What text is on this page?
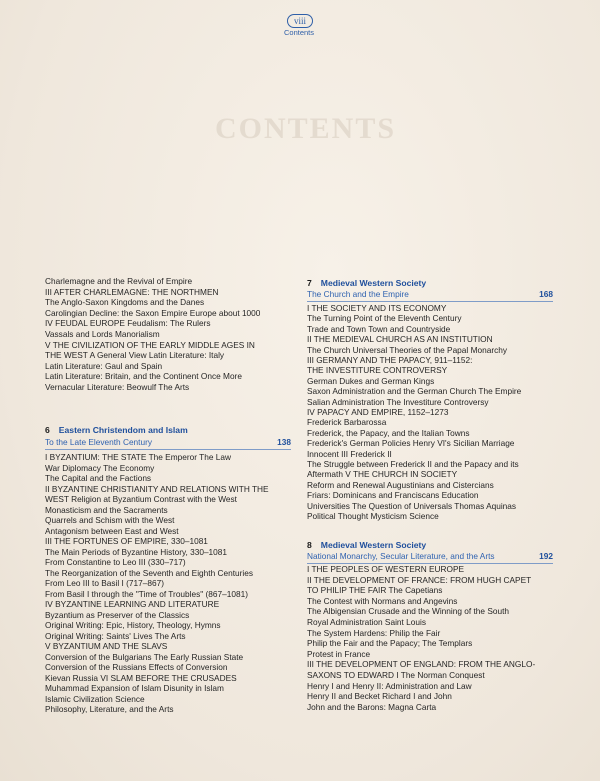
CONTENTS
viii
Contents
Charlemagne and the Revival of Empire
III AFTER CHARLEMAGNE: THE NORTHMEN
The Anglo-Saxon Kingdoms and the Danes
Carolingian Decline: the Saxon Empire Europe about 1000
IV FEUDAL EUROPE Feudalism: The Rulers
Vassals and Lords Manorialism
V THE CIVILIZATION OF THE EARLY MIDDLE AGES IN
THE WEST A General View Latin Literature: Italy
Latin Literature: Gaul and Spain
Latin Literature: Britain, and the Continent Once More
Vernacular Literature: Beowulf The Arts
6 Eastern Christendom and Islam
To the Late Eleventh Century	138
I BYZANTIUM: THE STATE The Emperor The Law
War Diplomacy The Economy
The Capital and the Factions
II BYZANTINE CHRISTIANITY AND RELATIONS WITH THE
WEST Religion at Byzantium Contrast with the West
Monasticism and the Sacraments
Quarrels and Schism with the West
Antagonism between East and West
III THE FORTUNES OF EMPIRE, 330–1081
The Main Periods of Byzantine History, 330–1081
From Constantine to Leo III (330–717)
The Reorganization of the Seventh and Eighth Centuries
From Leo III to Basil I (717–867)
From Basil I through the "Time of Troubles" (867–1081)
IV BYZANTINE LEARNING AND LITERATURE
Byzantium as Preserver of the Classics
Original Writing: Epic, History, Theology, Hymns
Original Writing: Saints' Lives The Arts
V BYZANTIUM AND THE SLAVS
Conversion of the Bulgarians The Early Russian State
Conversion of the Russians Effects of Conversion
Kievan Russia VI SLAM BEFORE THE CRUSADES
Muhammad Expansion of Islam Disunity in Islam
Islamic Civilization Science
Philosophy, Literature, and the Arts
7 Medieval Western Society
The Church and the Empire	168
I THE SOCIETY AND ITS ECONOMY
The Turning Point of the Eleventh Century
Trade and Town Town and Countryside
II THE MEDIEVAL CHURCH AS AN INSTITUTION
The Church Universal Theories of the Papal Monarchy
III GERMANY AND THE PAPACY, 911–1152:
THE INVESTITURE CONTROVERSY
German Dukes and German Kings
Saxon Administration and the German Church The Empire
Salian Administration The Investiture Controversy
IV PAPACY AND EMPIRE, 1152–1273
Frederick Barbarossa
Frederick, the Papacy, and the Italian Towns
Frederick's German Policies Henry VI's Sicilian Marriage
Innocent III Frederick II
The Struggle between Frederick II and the Papacy and its
Aftermath V THE CHURCH IN SOCIETY
Reform and Renewal Augustinians and Cistercians
Friars: Dominicans and Franciscans Education
Universities The Question of Universals Thomas Aquinas
Political Thought Mysticism Science
8 Medieval Western Society
National Monarchy, Secular Literature, and the Arts	192
I THE PEOPLES OF WESTERN EUROPE
II THE DEVELOPMENT OF FRANCE: FROM HUGH CAPET
TO PHILIP THE FAIR The Capetians
The Contest with Normans and Angevins
The Albigensian Crusade and the Winning of the South
Royal Administration Saint Louis
The System Hardens: Philip the Fair
Philip the Fair and the Papacy; The Templars
Protest in France
III THE DEVELOPMENT OF ENGLAND: FROM THE ANGLO-
SAXONS TO EDWARD I The Norman Conquest
Henry I and Henry II: Administration and Law
Henry II and Becket Richard I and John
John and the Barons: Magna Carta
